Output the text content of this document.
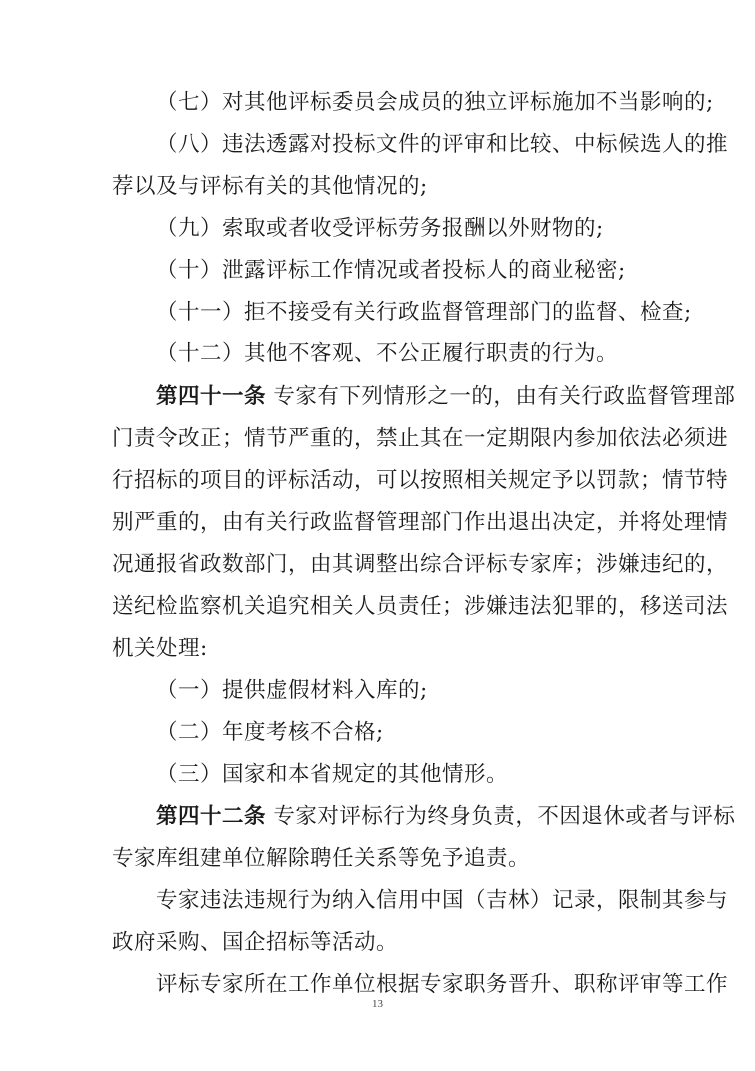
（七）对其他评标委员会成员的独立评标施加不当影响的;
（八）违法透露对投标文件的评审和比较、中标候选人的推
荐以及与评标有关的其他情况的;
（九）索取或者收受评标劳务报酬以外财物的;
（十）泄露评标工作情况或者投标人的商业秘密;
（十一）拒不接受有关行政监督管理部门的监督、检查;
（十二）其他不客观、不公正履行职责的行为。
第四十一条 专家有下列情形之一的，由有关行政监督管理部
门责令改正；情节严重的，禁止其在一定期限内参加依法必须进
行招标的项目的评标活动，可以按照相关规定予以罚款；情节特
别严重的，由有关行政监督管理部门作出退出决定，并将处理情
况通报省政数部门，由其调整出综合评标专家库；涉嫌违纪的，
送纪检监察机关追究相关人员责任；涉嫌违法犯罪的，移送司法
机关处理:
（一）提供虚假材料入库的;
（二）年度考核不合格;
（三）国家和本省规定的其他情形。
第四十二条 专家对评标行为终身负责，不因退休或者与评标
专家库组建单位解除聘任关系等免予追责。
专家违法违规行为纳入信用中国（吉林）记录，限制其参与
政府采购、国企招标等活动。
评标专家所在工作单位根据专家职务晋升、职称评审等工作
13
